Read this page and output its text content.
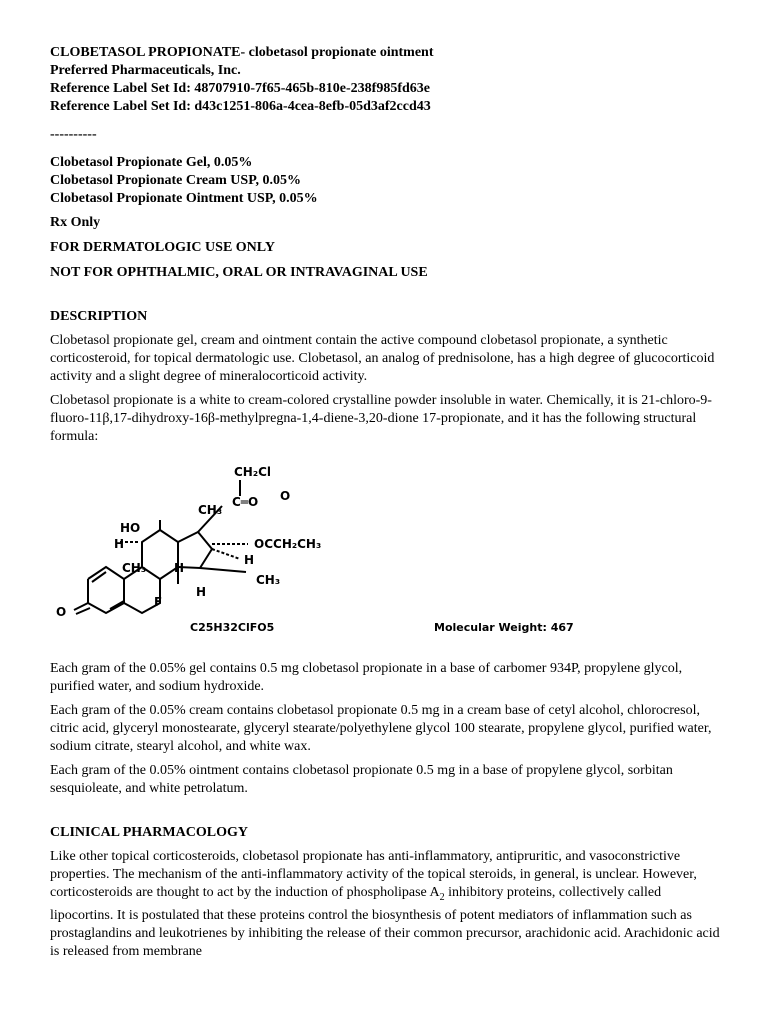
CLOBETASOL PROPIONATE- clobetasol propionate ointment

Preferred Pharmaceuticals, Inc.

Reference Label Set Id: 48707910-7f65-465b-810e-238f985fd63e

Reference Label Set Id: d43c1251-806a-4cea-8efb-05d3af2ccd43

----------

Clobetasol Propionate Gel, 0.05%

Clobetasol Propionate Cream USP, 0.05%

Clobetasol Propionate Ointment USP, 0.05%

Rx Only

FOR DERMATOLOGIC USE ONLY

NOT FOR OPHTHALMIC, ORAL OR INTRAVAGINAL USE

DESCRIPTION

Clobetasol propionate gel, cream and ointment contain the active compound clobetasol propionate, a synthetic corticosteroid, for topical dermatologic use. Clobetasol, an analog of prednisolone, has a high degree of glucocorticoid activity and a slight degree of mineralocorticoid activity.

Clobetasol propionate is a white to cream-colored crystalline powder insoluble in water. Chemically, it is 21-chloro-9-fluoro-11β,17-dihydroxy-16β-methylpregna-1,4-diene-3,20-dione 17-propionate, and it has the following structural formula:

CH₂Cl
C═O O
OCCH₂CH₃
HO
H
CH₃
CH₃ H
F
H
H
CH₃
O
C25H32ClFO5	Molecular Weight: 467

Each gram of the 0.05% gel contains 0.5 mg clobetasol propionate in a base of carbomer 934P, propylene glycol, purified water, and sodium hydroxide.

Each gram of the 0.05% cream contains clobetasol propionate 0.5 mg in a cream base of cetyl alcohol, chlorocresol, citric acid, glyceryl monostearate, glyceryl stearate/polyethylene glycol 100 stearate, propylene glycol, purified water, sodium citrate, stearyl alcohol, and white wax.

Each gram of the 0.05% ointment contains clobetasol propionate 0.5 mg in a base of propylene glycol, sorbitan sesquioleate, and white petrolatum.

CLINICAL PHARMACOLOGY

Like other topical corticosteroids, clobetasol propionate has anti-inflammatory, antipruritic, and vasoconstrictive properties. The mechanism of the anti-inflammatory activity of the topical steroids, in general, is unclear. However, corticosteroids are thought to act by the induction of phospholipase $A_2$ inhibitory proteins, collectively called lipocortins. It is postulated that these proteins control the biosynthesis of potent mediators of inflammation such as prostaglandins and leukotrienes by inhibiting the release of their common precursor, arachidonic acid. Arachidonic acid is released from membrane
